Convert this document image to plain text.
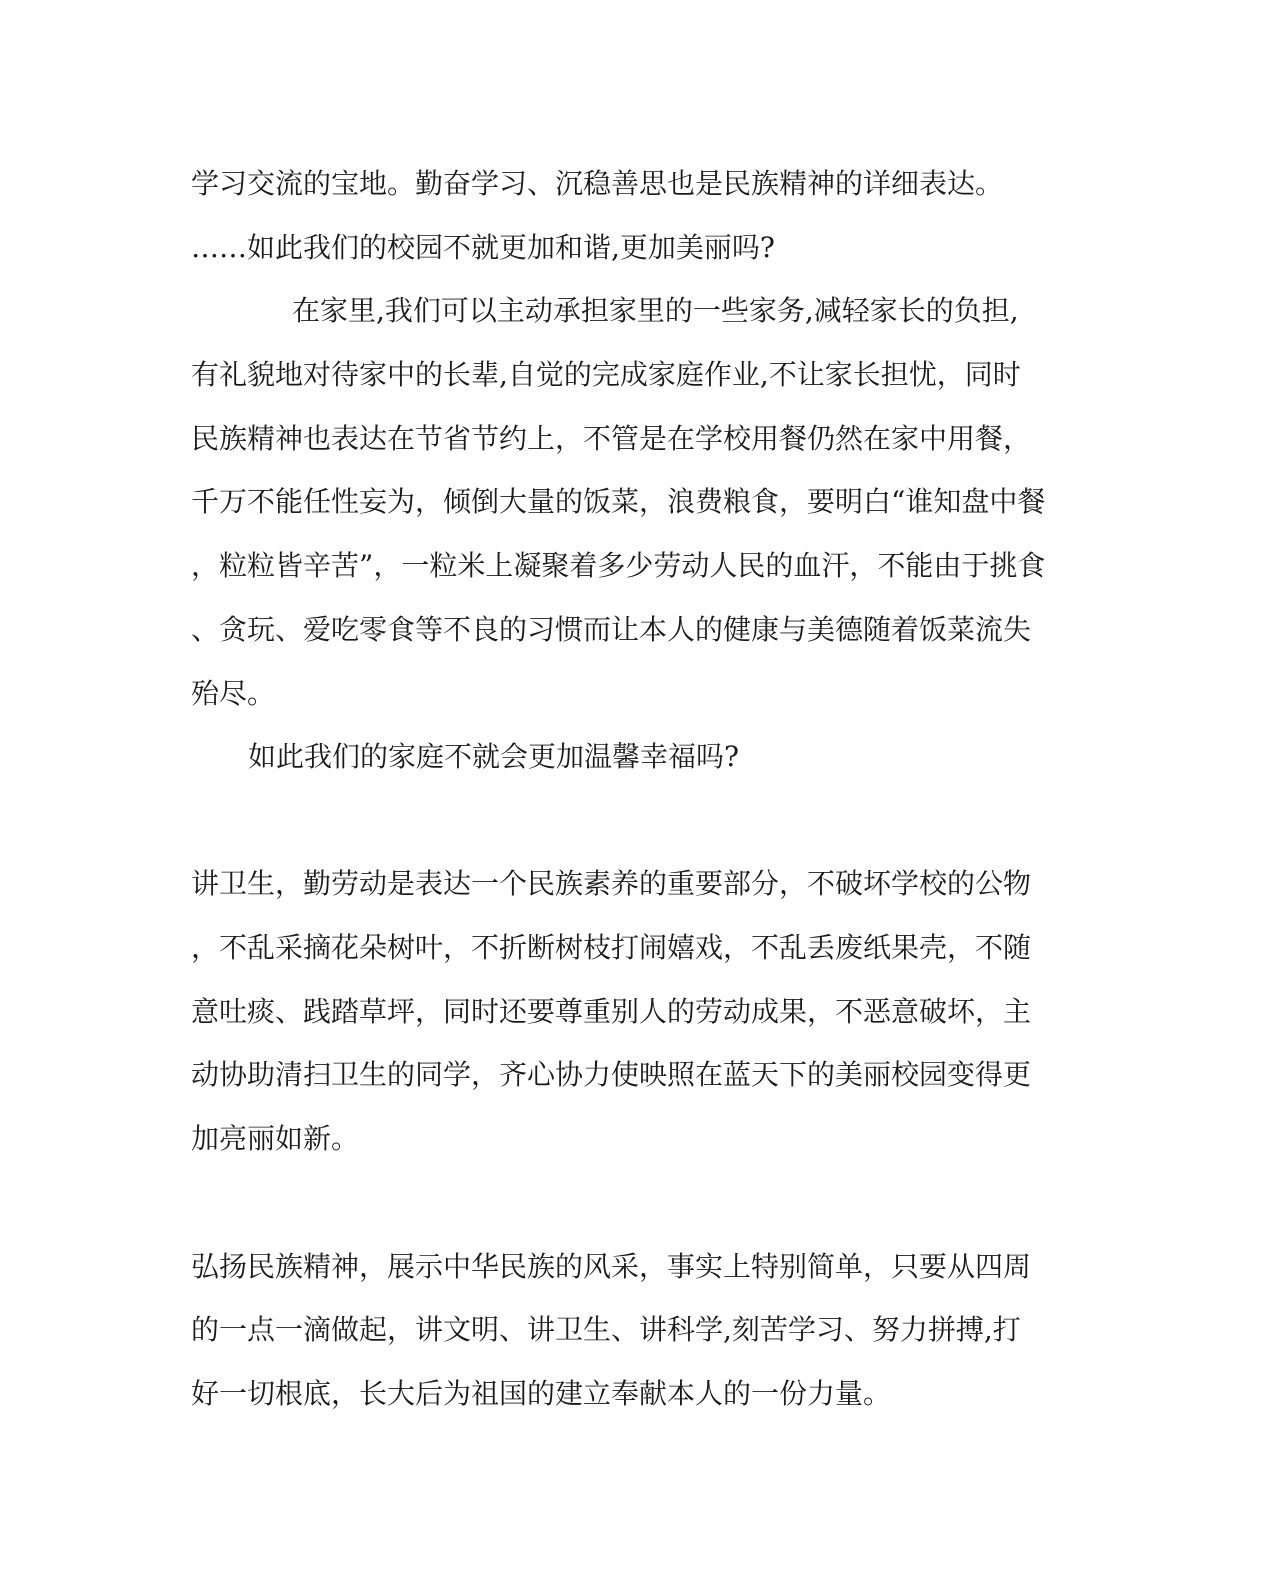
学习交流的宝地。勤奋学习、沉稳善思也是民族精神的详细表达。
……如此我们的校园不就更加和谐,更加美丽吗?
在家里,我们可以主动承担家里的一些家务,减轻家长的负担,
有礼貌地对待家中的长辈,自觉的完成家庭作业,不让家长担忧，同时
民族精神也表达在节省节约上，不管是在学校用餐仍然在家中用餐，
千万不能任性妄为，倾倒大量的饭菜，浪费粮食，要明白“谁知盘中餐
，粒粒皆辛苦”，一粒米上凝聚着多少劳动人民的血汗，不能由于挑食
、贪玩、爱吃零食等不良的习惯而让本人的健康与美德随着饭菜流失
殆尽。
如此我们的家庭不就会更加温馨幸福吗?
讲卫生，勤劳动是表达一个民族素养的重要部分，不破坏学校的公物
，不乱采摘花朵树叶，不折断树枝打闹嬉戏，不乱丢废纸果壳，不随
意吐痰、践踏草坪，同时还要尊重别人的劳动成果，不恶意破坏，主
动协助清扫卫生的同学，齐心协力使映照在蓝天下的美丽校园变得更
加亮丽如新。
弘扬民族精神，展示中华民族的风采，事实上特别简单，只要从四周
的一点一滴做起，讲文明、讲卫生、讲科学,刻苦学习、努力拼搏,打
好一切根底，长大后为祖国的建立奉献本人的一份力量。
